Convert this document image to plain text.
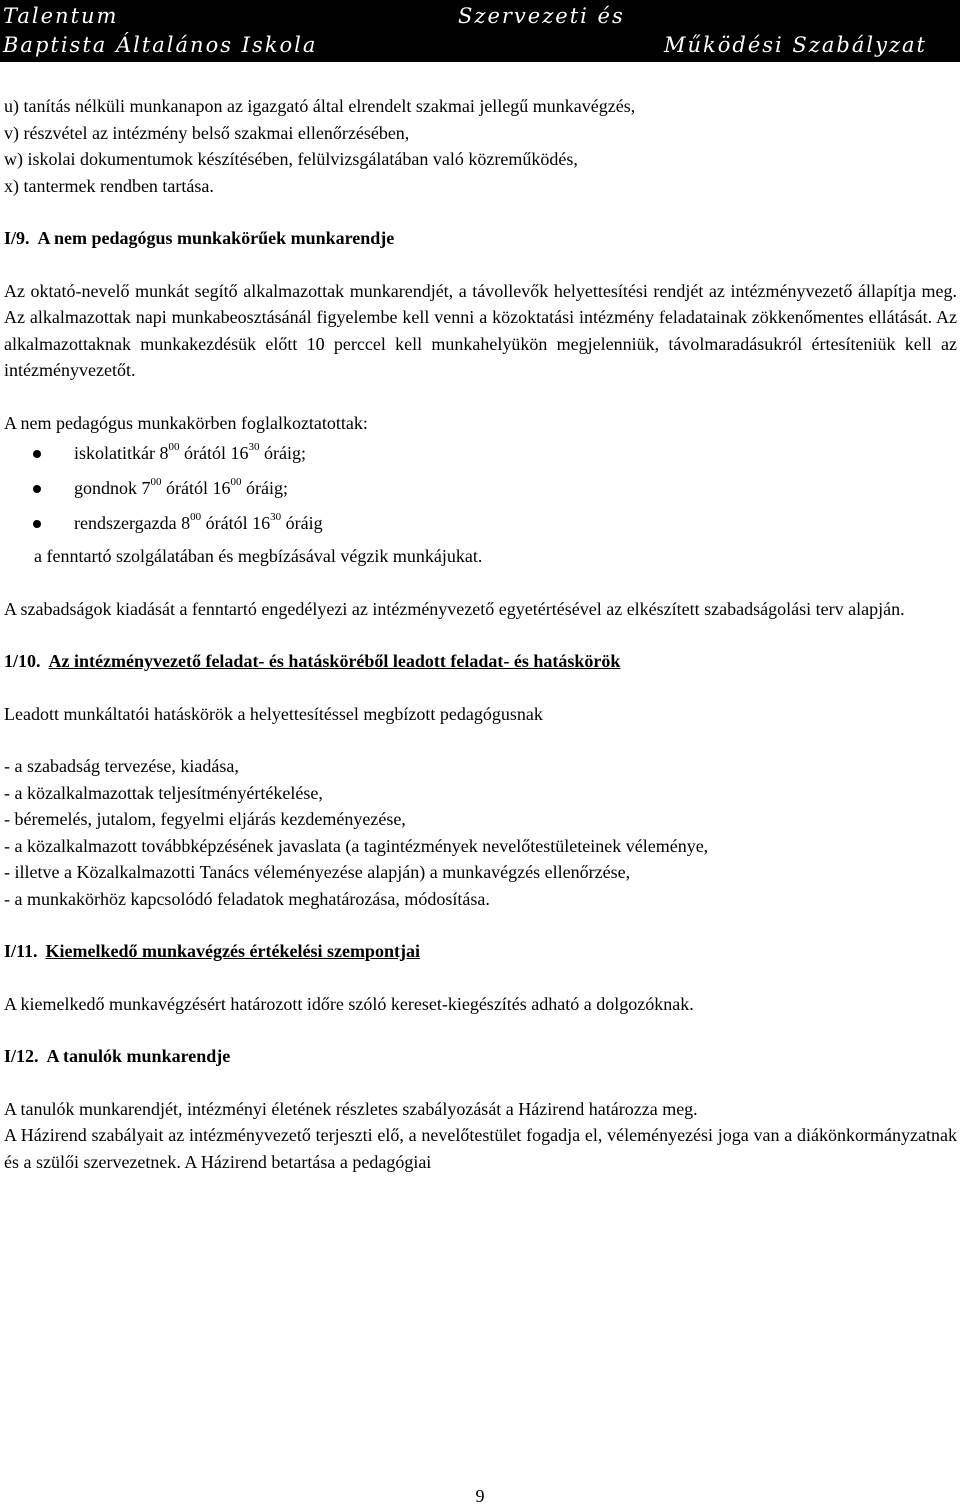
Talentum
Baptista Általános Iskola
Szervezeti és
Működési Szabályzat

u) tanítás nélküli munkanapon az igazgató által elrendelt szakmai jellegű munkavégzés,

v) részvétel az intézmény belső szakmai ellenőrzésében,

w) iskolai dokumentumok készítésében, felülvizsgálatában való közreműködés,

x) tantermek rendben tartása.

I/9. A nem pedagógus munkakörűek munkarendje

Az oktató-nevelő munkát segítő alkalmazottak munkarendjét, a távollevők helyettesítési rendjét az intézményvezető állapítja meg. Az alkalmazottak napi munkabeosztásánál figyelembe kell venni a közoktatási intézmény feladatainak zökkenőmentes ellátását. Az alkalmazottaknak munkakezdésük előtt 10 perccel kell munkahelyükön megjelenniük, távolmaradásukról értesíteniük kell az intézményvezetőt.

A nem pedagógus munkakörben foglalkoztatottak:

iskolatitkár $8^{00}$ órától $16^{30}$ óráig;
gondnok $7^{00}$ órától $16^{00}$ óráig;
rendszergazda $8^{00}$ órától $16^{30}$ óráig

a fenntartó szolgálatában és megbízásával végzik munkájukat.

A szabadságok kiadását a fenntartó engedélyezi az intézményvezető egyetértésével az elkészített szabadságolási terv alapján.

1/10. Az intézményvezető feladat- és hatásköréből leadott feladat- és hatáskörök

Leadott munkáltatói hatáskörök a helyettesítéssel megbízott pedagógusnak

- a szabadság tervezése, kiadása,

- a közalkalmazottak teljesítményértékelése,

- béremelés, jutalom, fegyelmi eljárás kezdeményezése,

- a közalkalmazott továbbképzésének javaslata (a tagintézmények nevelőtestületeinek véleménye,

- illetve a Közalkalmazotti Tanács véleményezése alapján) a munkavégzés ellenőrzése,

- a munkakörhöz kapcsolódó feladatok meghatározása, módosítása.

I/11. Kiemelkedő munkavégzés értékelési szempontjai

A kiemelkedő munkavégzésért határozott időre szóló kereset-kiegészítés adható a dolgozóknak.

I/12. A tanulók munkarendje

A tanulók munkarendjét, intézményi életének részletes szabályozását a Házirend határozza meg.

A Házirend szabályait az intézményvezető terjeszti elő, a nevelőtestület fogadja el, véleményezési joga van a diákönkormányzatnak és a szülői szervezetnek. A Házirend betartása a pedagógiai

9
